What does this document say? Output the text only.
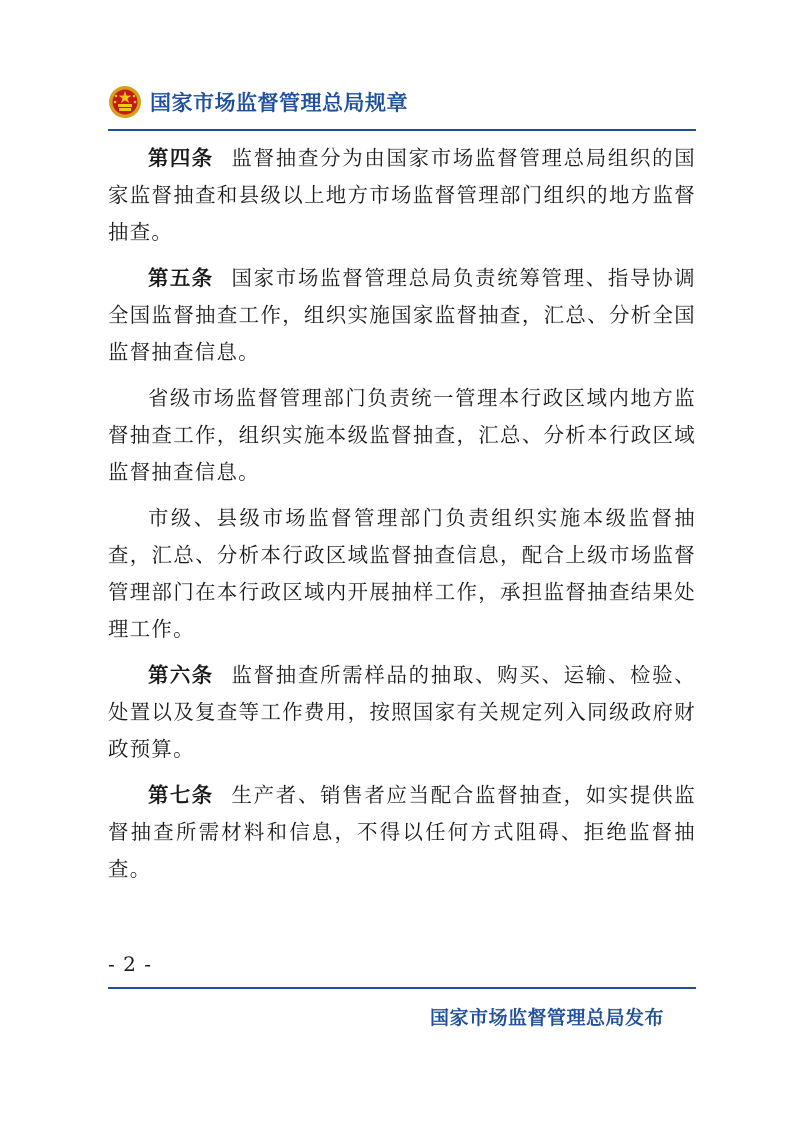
国家市场监督管理总局规章

第四条 监督抽查分为由国家市场监督管理总局组织的国家监督抽查和县级以上地方市场监督管理部门组织的地方监督抽查。

第五条 国家市场监督管理总局负责统筹管理、指导协调全国监督抽查工作，组织实施国家监督抽查，汇总、分析全国监督抽查信息。

省级市场监督管理部门负责统一管理本行政区域内地方监督抽查工作，组织实施本级监督抽查，汇总、分析本行政区域监督抽查信息。

市级、县级市场监督管理部门负责组织实施本级监督抽查，汇总、分析本行政区域监督抽查信息，配合上级市场监督管理部门在本行政区域内开展抽样工作，承担监督抽查结果处理工作。

第六条 监督抽查所需样品的抽取、购买、运输、检验、处置以及复查等工作费用，按照国家有关规定列入同级政府财政预算。

第七条 生产者、销售者应当配合监督抽查，如实提供监督抽查所需材料和信息，不得以任何方式阻碍、拒绝监督抽查。

- 2 -
国家市场监督管理总局发布
